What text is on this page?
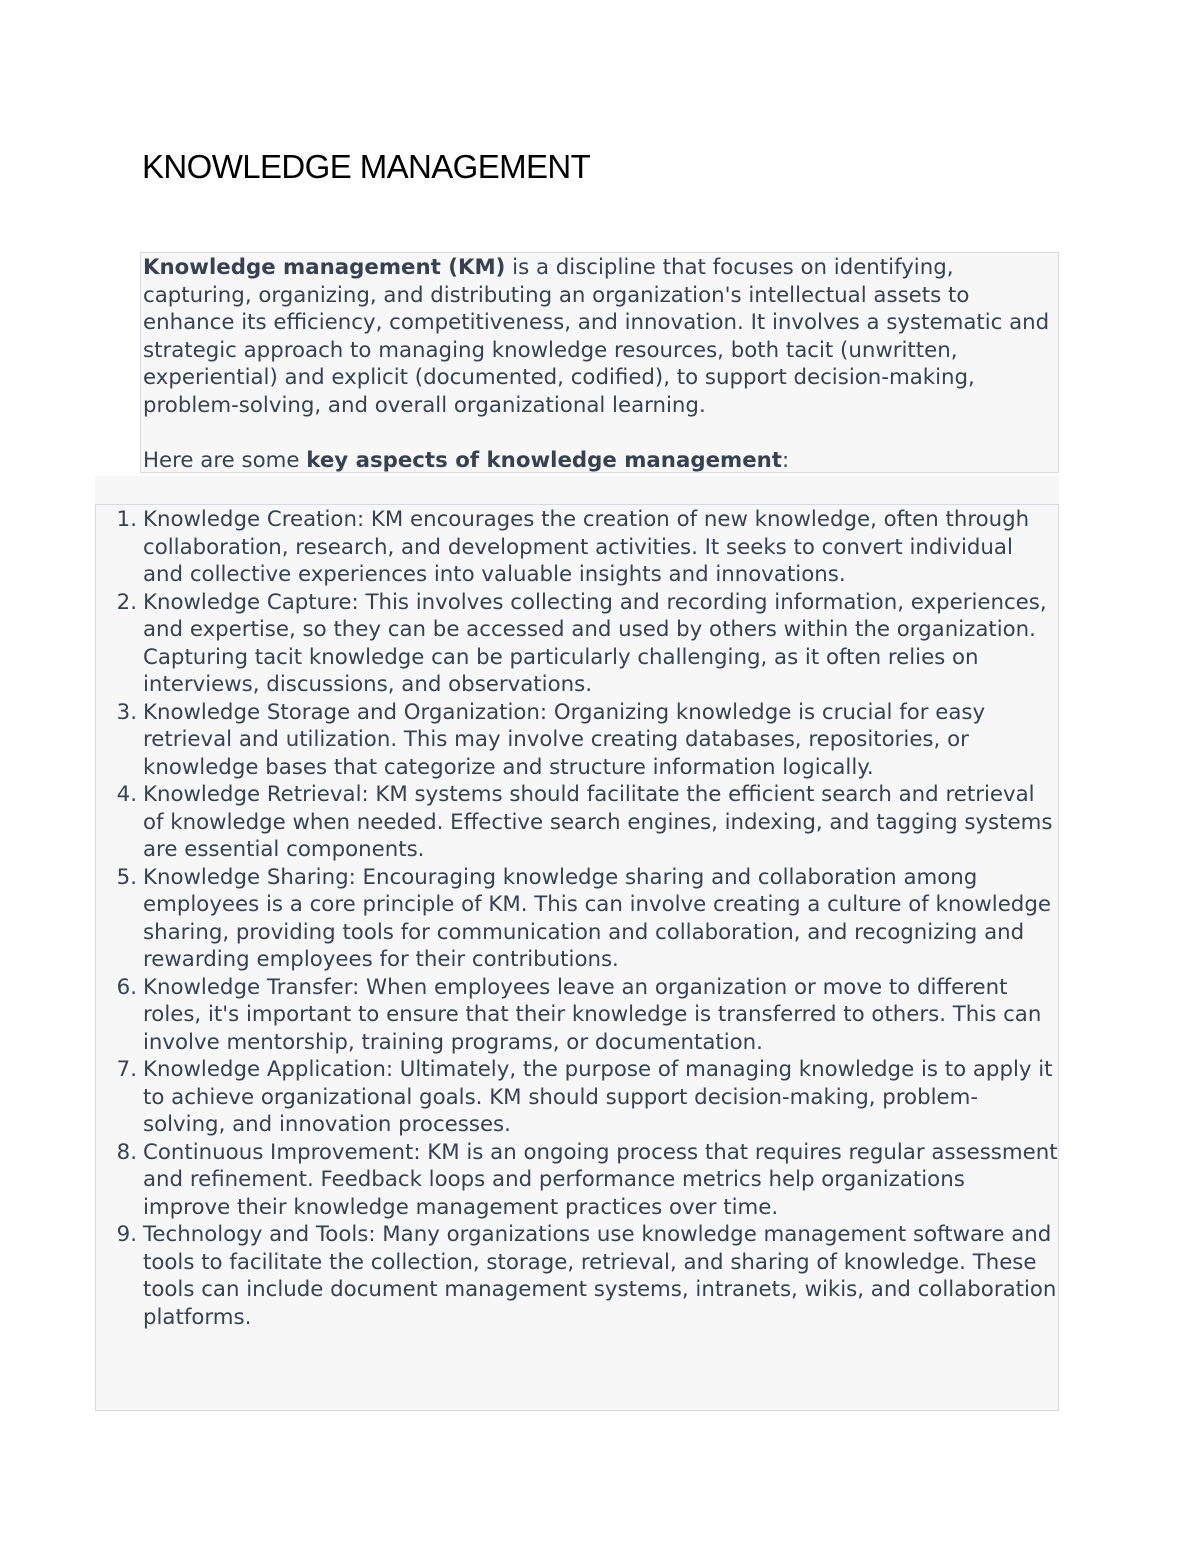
KNOWLEDGE MANAGEMENT

Knowledge management (KM) is a discipline that focuses on identifying, capturing, organizing, and distributing an organization's intellectual assets to enhance its efficiency, competitiveness, and innovation. It involves a systematic and strategic approach to managing knowledge resources, both tacit (unwritten, experiential) and explicit (documented, codified), to support decision-making, problem-solving, and overall organizational learning.

Here are some key aspects of knowledge management:

1. Knowledge Creation: KM encourages the creation of new knowledge, often through collaboration, research, and development activities. It seeks to convert individual and collective experiences into valuable insights and innovations.
2. Knowledge Capture: This involves collecting and recording information, experiences, and expertise, so they can be accessed and used by others within the organization. Capturing tacit knowledge can be particularly challenging, as it often relies on interviews, discussions, and observations.
3. Knowledge Storage and Organization: Organizing knowledge is crucial for easy retrieval and utilization. This may involve creating databases, repositories, or knowledge bases that categorize and structure information logically.
4. Knowledge Retrieval: KM systems should facilitate the efficient search and retrieval of knowledge when needed. Effective search engines, indexing, and tagging systems are essential components.
5. Knowledge Sharing: Encouraging knowledge sharing and collaboration among employees is a core principle of KM. This can involve creating a culture of knowledge sharing, providing tools for communication and collaboration, and recognizing and rewarding employees for their contributions.
6. Knowledge Transfer: When employees leave an organization or move to different roles, it's important to ensure that their knowledge is transferred to others. This can involve mentorship, training programs, or documentation.
7. Knowledge Application: Ultimately, the purpose of managing knowledge is to apply it to achieve organizational goals. KM should support decision-making, problem-solving, and innovation processes.
8. Continuous Improvement: KM is an ongoing process that requires regular assessment and refinement. Feedback loops and performance metrics help organizations improve their knowledge management practices over time.
9. Technology and Tools: Many organizations use knowledge management software and tools to facilitate the collection, storage, retrieval, and sharing of knowledge. These tools can include document management systems, intranets, wikis, and collaboration platforms.
